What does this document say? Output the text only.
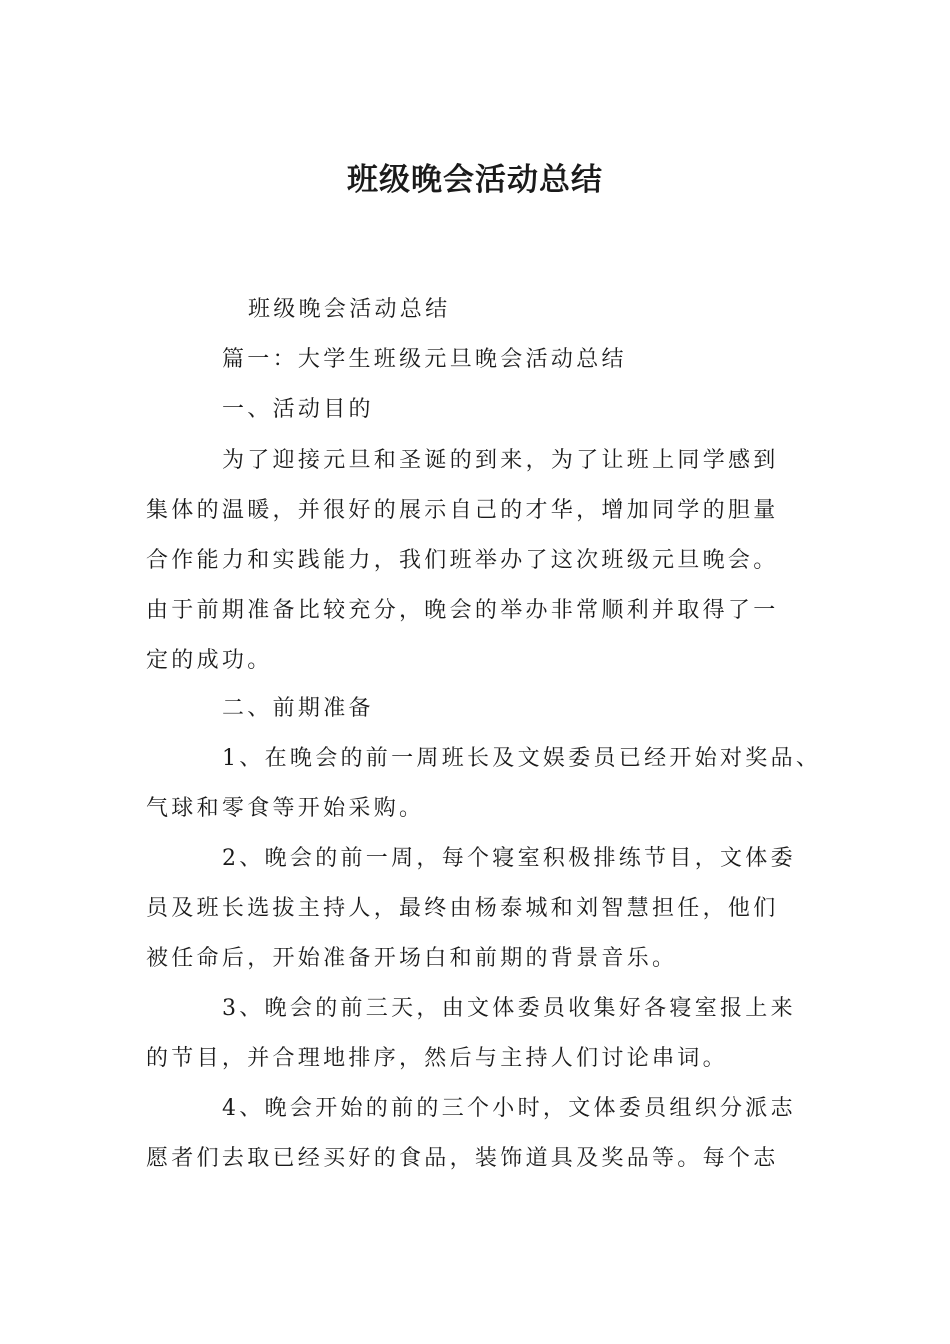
班级晚会活动总结
班级晚会活动总结
篇一：大学生班级元旦晚会活动总结
一、活动目的
为了迎接元旦和圣诞的到来，为了让班上同学感到
集体的温暖，并很好的展示自己的才华，增加同学的胆量
合作能力和实践能力，我们班举办了这次班级元旦晚会。
由于前期准备比较充分，晚会的举办非常顺利并取得了一
定的成功。
二、前期准备
1、在晚会的前一周班长及文娱委员已经开始对奖品、
气球和零食等开始采购。
2、晚会的前一周，每个寝室积极排练节目，文体委
员及班长选拔主持人，最终由杨泰城和刘智慧担任，他们
被任命后，开始准备开场白和前期的背景音乐。
3、晚会的前三天，由文体委员收集好各寝室报上来
的节目，并合理地排序，然后与主持人们讨论串词。
4、晚会开始的前的三个小时，文体委员组织分派志
愿者们去取已经买好的食品，装饰道具及奖品等。每个志
